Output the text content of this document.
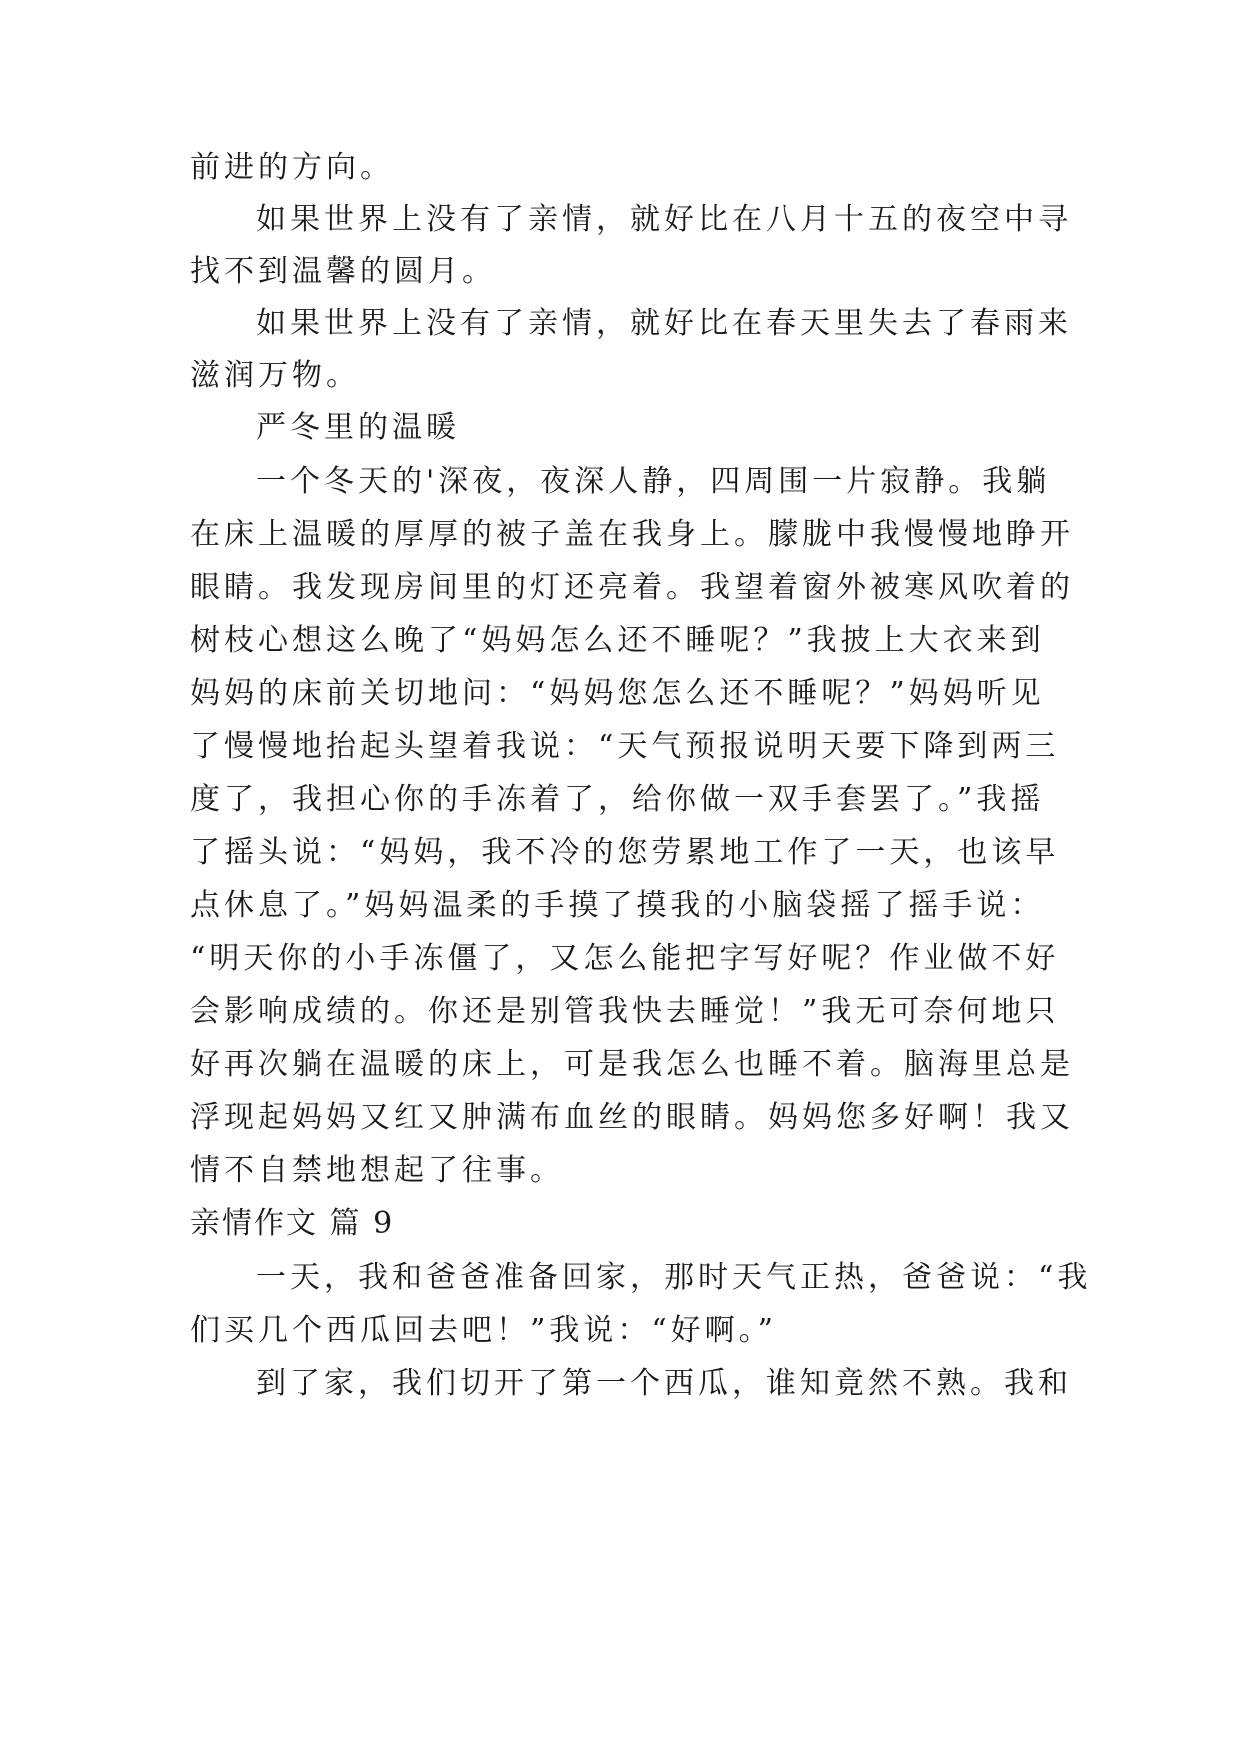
前进的方向。
如果世界上没有了亲情，就好比在八月十五的夜空中寻
找不到温馨的圆月。
如果世界上没有了亲情，就好比在春天里失去了春雨来
滋润万物。
严冬里的温暖
一个冬天的'深夜，夜深人静，四周围一片寂静。我躺
在床上温暖的厚厚的被子盖在我身上。朦胧中我慢慢地睁开
眼睛。我发现房间里的灯还亮着。我望着窗外被寒风吹着的
树枝心想这么晚了“妈妈怎么还不睡呢？”我披上大衣来到
妈妈的床前关切地问：“妈妈您怎么还不睡呢？”妈妈听见
了慢慢地抬起头望着我说：“天气预报说明天要下降到两三
度了，我担心你的手冻着了，给你做一双手套罢了。”我摇
了摇头说：“妈妈，我不冷的您劳累地工作了一天，也该早
点休息了。”妈妈温柔的手摸了摸我的小脑袋摇了摇手说：
“明天你的小手冻僵了，又怎么能把字写好呢？作业做不好
会影响成绩的。你还是别管我快去睡觉！”我无可奈何地只
好再次躺在温暖的床上，可是我怎么也睡不着。脑海里总是
浮现起妈妈又红又肿满布血丝的眼睛。妈妈您多好啊！我又
情不自禁地想起了往事。
亲情作文 篇 9
一天，我和爸爸准备回家，那时天气正热，爸爸说：“我
们买几个西瓜回去吧！”我说：“好啊。”
到了家，我们切开了第一个西瓜，谁知竟然不熟。我和
